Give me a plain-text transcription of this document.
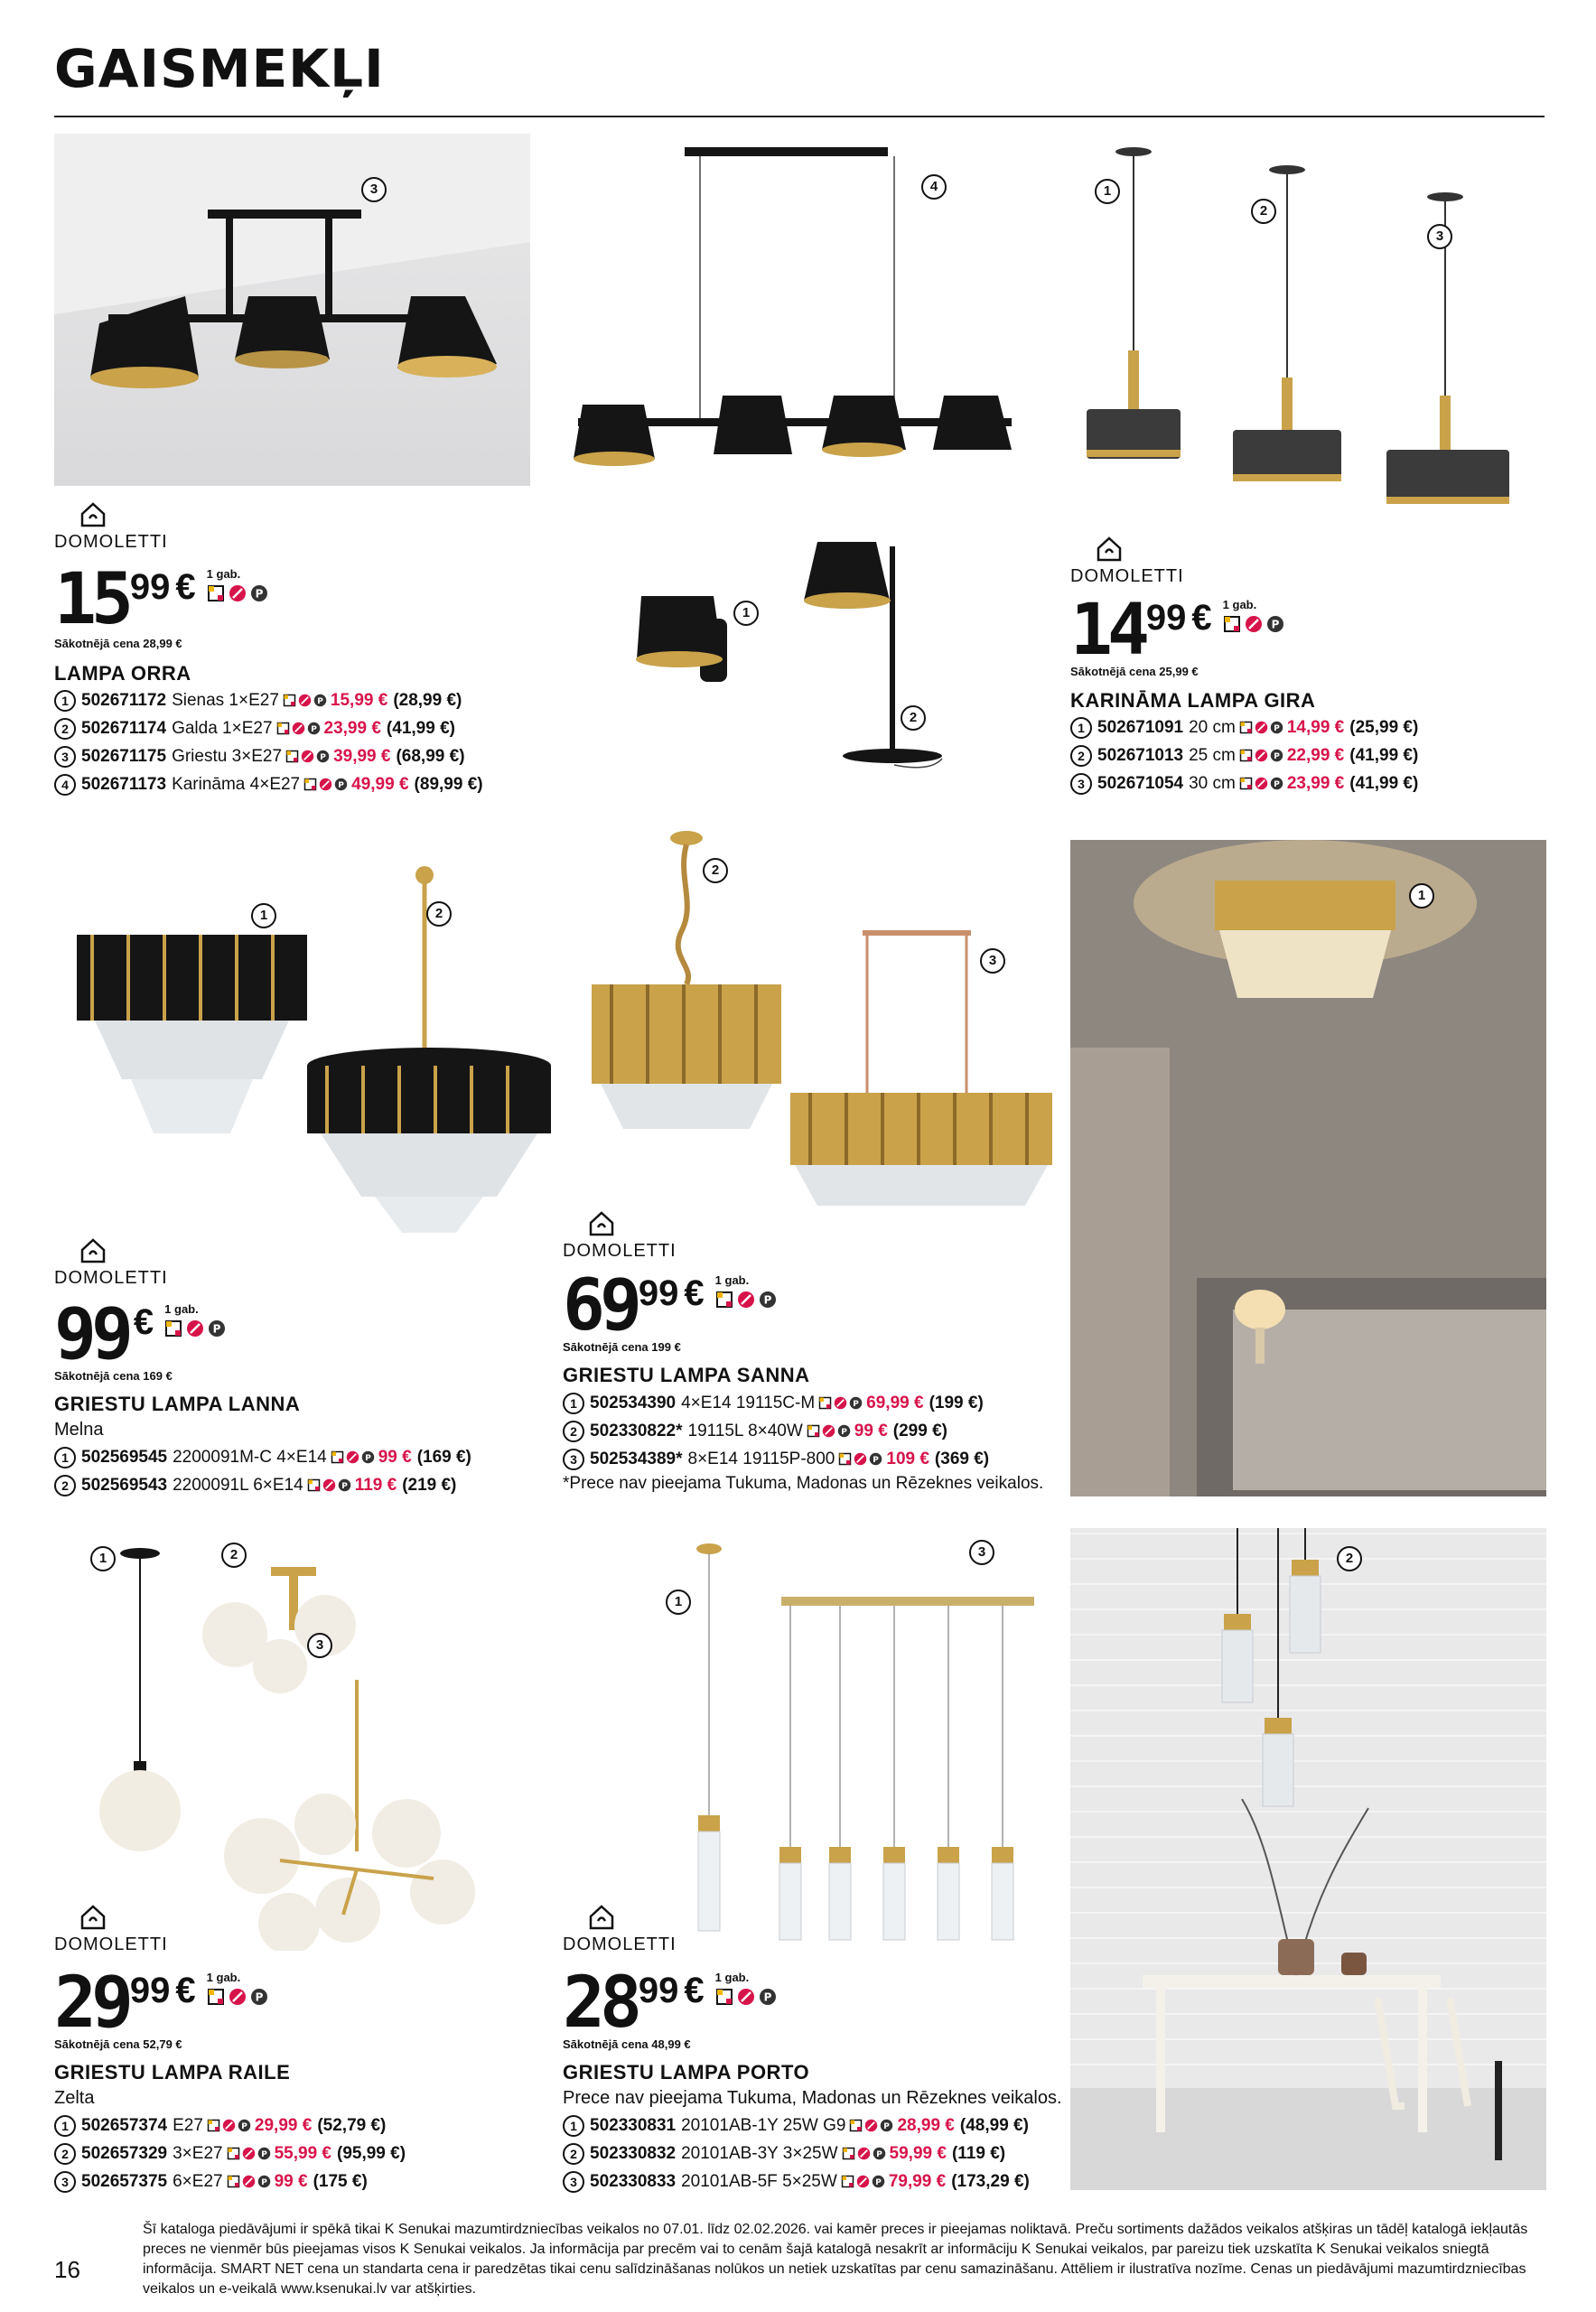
GAISMEKĻI
3	4
1
2
DOMOLETTI
15 99 € 1 gab.
Sākotnējā cena 28,99 €
LAMPA ORRA
1 502671172 Sienas 1×E27	15,99 € (28,99 €)
2 502671174 Galda 1×E27	23,99 € (41,99 €)
3 502671175 Griestu 3×E27	39,99 € (68,99 €)
4 502671173 Karināma 4×E27	49,99 € (89,99 €)
1
2
3
DOMOLETTI
14 99 € 1 gab.
Sākotnējā cena 25,99 €
KARINĀMA LAMPA GIRA
1 502671091 20 cm	14,99 € (25,99 €)
2 502671013 25 cm	22,99 € (41,99 €)
3 502671054 30 cm	23,99 € (41,99 €)
1	2
DOMOLETTI
99 € 1 gab.
Sākotnējā cena 169 €
GRIESTU LAMPA LANNA
Melna
1 502569545 2200091M-C 4×E14	99 € (169 €)
2 502569543 2200091L 6×E14	119 € (219 €)
2
3
DOMOLETTI
69 99 € 1 gab.
Sākotnējā cena 199 €
GRIESTU LAMPA SANNA
1 502534390 4×E14 19115C-M	69,99 € (199 €)
2 502330822* 19115L 8×40W	99 € (299 €)
3 502534389* 8×E14 19115P-800	109 € (369 €)
*Prece nav pieejama Tukuma, Madonas un Rēzeknes veikalos.
1
1	2
3
DOMOLETTI
29 99 € 1 gab.
Sākotnējā cena 52,79 €
GRIESTU LAMPA RAILE
Zelta
1 502657374 E27	29,99 € (52,79 €)
2 502657329 3×E27	55,99 € (95,99 €)
3 502657375 6×E27	99 € (175 €)
1
3
DOMOLETTI
28 99 € 1 gab.
Sākotnējā cena 48,99 €
GRIESTU LAMPA PORTO
Prece nav pieejama Tukuma, Madonas un Rēzeknes veikalos.
1 502330831 20101AB-1Y 25W G9	28,99 € (48,99 €)
2 502330832 20101AB-3Y 3×25W	59,99 € (119 €)
3 502330833 20101AB-5F 5×25W	79,99 € (173,29 €)
2
16
Šī kataloga piedāvājumi ir spēkā tikai K Senukai mazumtirdzniecības veikalos no 07.01. līdz 02.02.2026. vai kamēr preces ir pieejamas noliktavā. Preču sortiments dažādos veikalos atšķiras un tādēļ katalogā iekļautās preces ne vienmēr būs pieejamas visos K Senukai veikalos. Ja informācija par precēm vai to cenām šajā katalogā nesakrīt ar informāciju K Senukai veikalos, par pareizu tiek uzskatīta K Senukai veikalos sniegtā informācija. SMART NET cena un standarta cena ir paredzētas tikai cenu salīdzināšanas nolūkos un netiek uzskatītas par cenu samazināšanu. Attēliem ir ilustratīva nozīme. Cenas un piedāvājumi mazumtirdzniecības veikalos un e-veikalā www.ksenukai.lv var atšķirties.
